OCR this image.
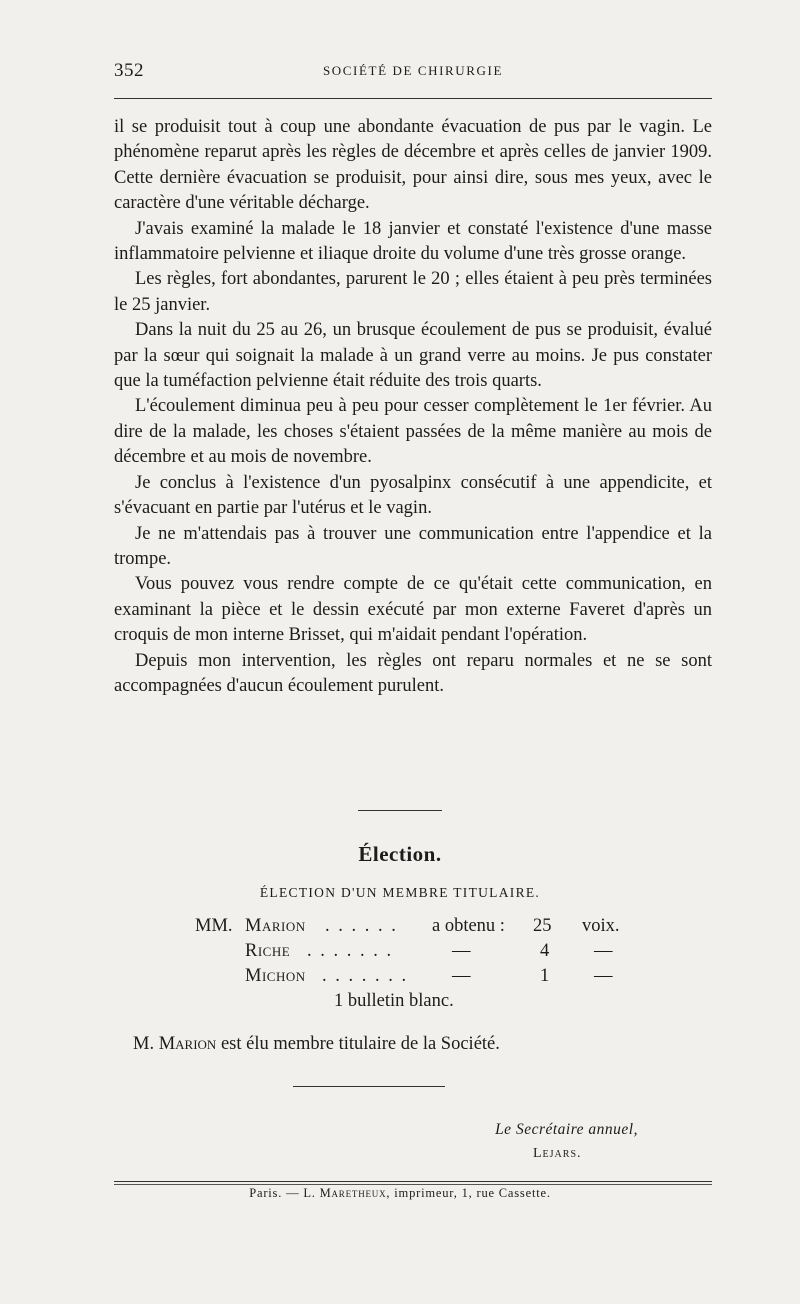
352	SOCIÉTÉ DE CHIRURGIE

il se produisit tout à coup une abondante évacuation de pus par le vagin. Le phénomène reparut après les règles de décembre et après celles de janvier 1909. Cette dernière évacuation se produisit, pour ainsi dire, sous mes yeux, avec le caractère d'une véritable décharge.

J'avais examiné la malade le 18 janvier et constaté l'existence d'une masse inflammatoire pelvienne et iliaque droite du volume d'une très grosse orange.

Les règles, fort abondantes, parurent le 20 ; elles étaient à peu près terminées le 25 janvier.

Dans la nuit du 25 au 26, un brusque écoulement de pus se produisit, évalué par la sœur qui soignait la malade à un grand verre au moins. Je pus constater que la tuméfaction pelvienne était réduite des trois quarts.

L'écoulement diminua peu à peu pour cesser complètement le 1er février. Au dire de la malade, les choses s'étaient passées de la même manière au mois de décembre et au mois de novembre.

Je conclus à l'existence d'un pyosalpinx consécutif à une appendicite, et s'évacuant en partie par l'utérus et le vagin.

Je ne m'attendais pas à trouver une communication entre l'appendice et la trompe.

Vous pouvez vous rendre compte de ce qu'était cette communication, en examinant la pièce et le dessin exécuté par mon externe Faveret d'après un croquis de mon interne Brisset, qui m'aidait pendant l'opération.

Depuis mon intervention, les règles ont reparu normales et ne se sont accompagnées d'aucun écoulement purulent.

Élection.
ÉLECTION D'UN MEMBRE TITULAIRE.
MM. Marion . . . . . . a obtenu : 25 voix.
Riche . . . . . . .	—	4 —
Michon . . . . . . . —	1 —
1 bulletin blanc.
M. Marion est élu membre titulaire de la Société.
Le Secrétaire annuel,
Lejars.
Paris. — L. Maretheux, imprimeur, 1, rue Cassette.
